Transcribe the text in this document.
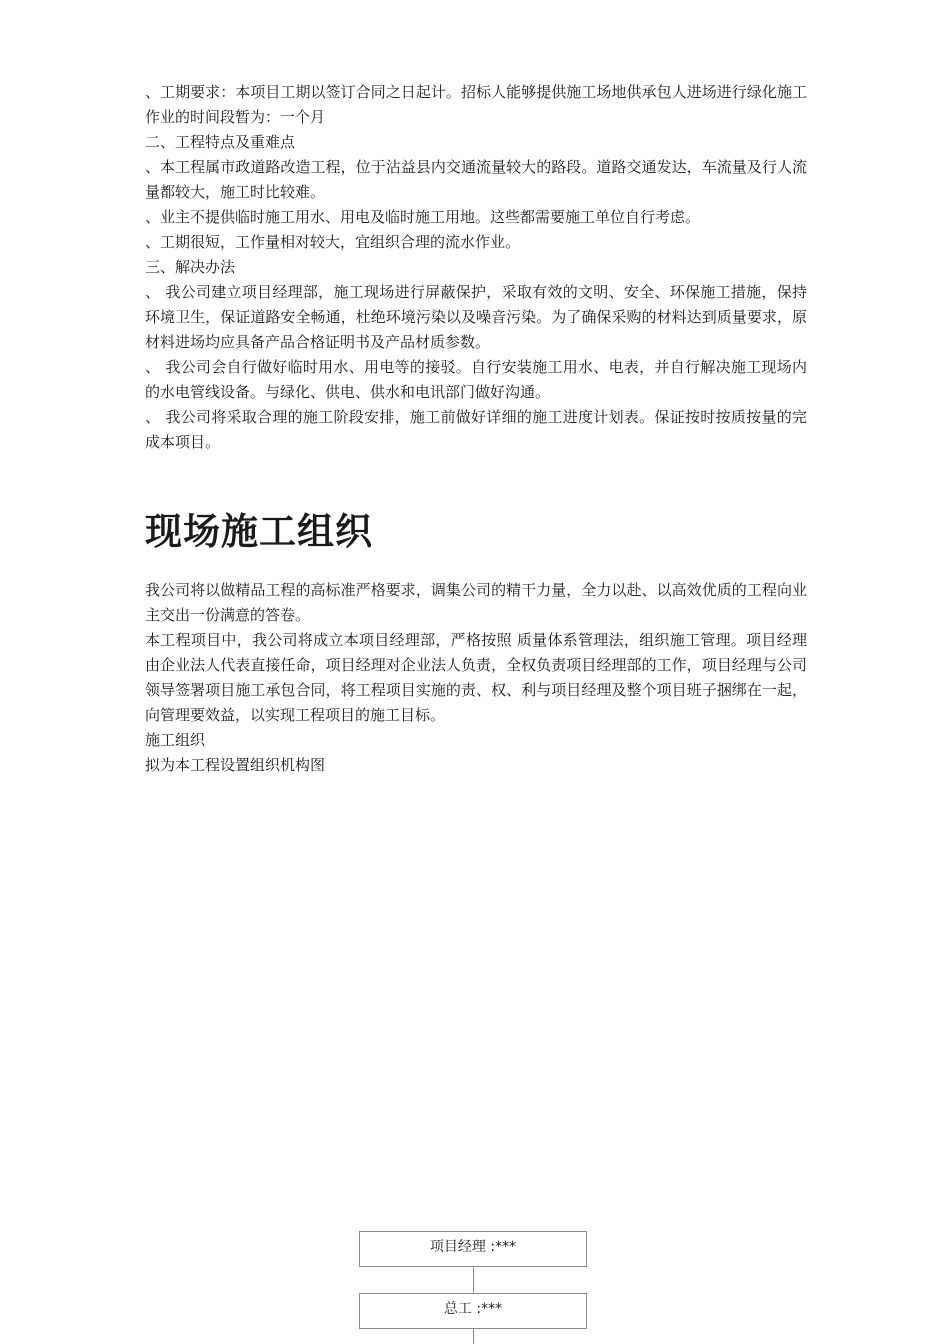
、工期要求：本项目工期以签订合同之日起计。招标人能够提供施工场地供承包人进场进行绿化施工作业的时间段暂为：一个月

二、工程特点及重难点

、本工程属市政道路改造工程，位于沾益县内交通流量较大的路段。道路交通发达，车流量及行人流量都较大，施工时比较难。

、业主不提供临时施工用水、用电及临时施工用地。这些都需要施工单位自行考虑。

、工期很短，工作量相对较大，宜组织合理的流水作业。

三、解决办法

、 我公司建立项目经理部，施工现场进行屏蔽保护，采取有效的文明、安全、环保施工措施，保持环境卫生，保证道路安全畅通，杜绝环境污染以及噪音污染。为了确保采购的材料达到质量要求，原材料进场均应具备产品合格证明书及产品材质参数。

、 我公司会自行做好临时用水、用电等的接驳。自行安装施工用水、电表，并自行解决施工现场内的水电管线设备。与绿化、供电、供水和电讯部门做好沟通。

、 我公司将采取合理的施工阶段安排，施工前做好详细的施工进度计划表。保证按时按质按量的完成本项目。

现场施工组织

我公司将以做精品工程的高标准严格要求，调集公司的精干力量，全力以赴、以高效优质的工程向业主交出一份满意的答卷。

本工程项目中，我公司将成立本项目经理部，严格按照 质量体系管理法，组织施工管理。项目经理由企业法人代表直接任命，项目经理对企业法人负责，全权负责项目经理部的工作，项目经理与公司领导签署项目施工承包合同，将工程项目实施的责、权、利与项目经理及整个项目班子捆绑在一起，向管理要效益，以实现工程项目的施工目标。

施工组织

拟为本工程设置组织机构图

项目经理 :***
总工 :***
